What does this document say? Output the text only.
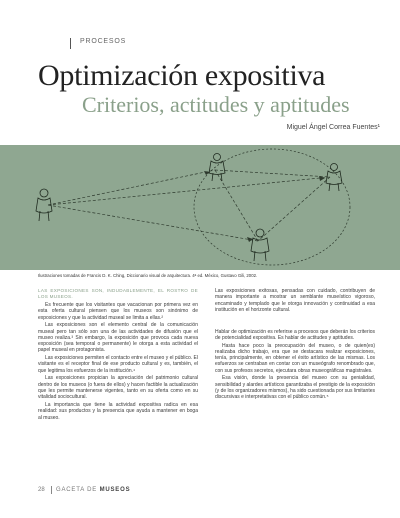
PROCESOS
Optimización expositiva
Criterios, actitudes y aptitudes
Miguel Ángel Correa Fuentes¹
Ilustraciones tomadas de Francis D. K. Ching, Diccionario visual de arquitectura. 4ª ed. México, Gustavo Gili, 2002.

LAS EXPOSICIONES SON, INDUDABLEMENTE, EL ROSTRO DE LOS MUSEOS.

Es frecuente que los visitantes que vacacionan por primera vez en esta oferta cultural piensen que los museos son sinónimo de exposiciones y que la actividad museal se limita a ellas.²

Las exposiciones son el elemento central de la comunicación museal pero tan sólo son una de las actividades de difusión que el museo realiza.³ Sin embargo, la exposición que provoca cada nueva exposición (sea temporal o permanente) le otorga a esta actividad el papel museal en protagonista.

Las exposiciones permiten el contacto entre el museo y el público. El visitante es el receptor final de ese producto cultural y es, también, el que legitima los esfuerzos de la institución.⁴

Las exposiciones propician la apreciación del patrimonio cultural dentro de los museos (o fuera de ellos) y hacen factible la actualización que les permite mantenerse vigentes, tanto en su oferta como en su vitalidad sociocultural.

La importancia que tiene la actividad expositiva radica en esa realidad: sus productos y la presencia que ayuda a mantener en boga al museo.

Las exposiciones exitosas, pensadas con cuidado, contribuyen de manera importante a mostrar un semblante museístico vigoroso, encaminado y templado que le otorga innovación y continuidad a esa institución en el horizonte cultural.

Hablar de optimización es referirse a procesos que deberán los criterios de potencialidad expositiva. Es hablar de actitudes y aptitudes.

Hasta hace poco la preocupación del museo, o de quien(es) realizaba dicho trabajo, era que se destacara realizar exposiciones, tenía, principalmente, en obtener el éxito artístico de las mismas. Los esfuerzos se centraban en contar con un museógrafo renombrado que, con sus profesos secretos, ejecutara obras museográficas magistrales.

Esa visión, donde la presencia del museo con su genialidad, sensibilidad y alardes artísticos garantizaba el prestigio de la exposición (y de los organizadores mismos), ha sido cuestionada por sus limitantes discursivas e interpretativas con el público común.⁵

28 GACETA DE MUSEOS
